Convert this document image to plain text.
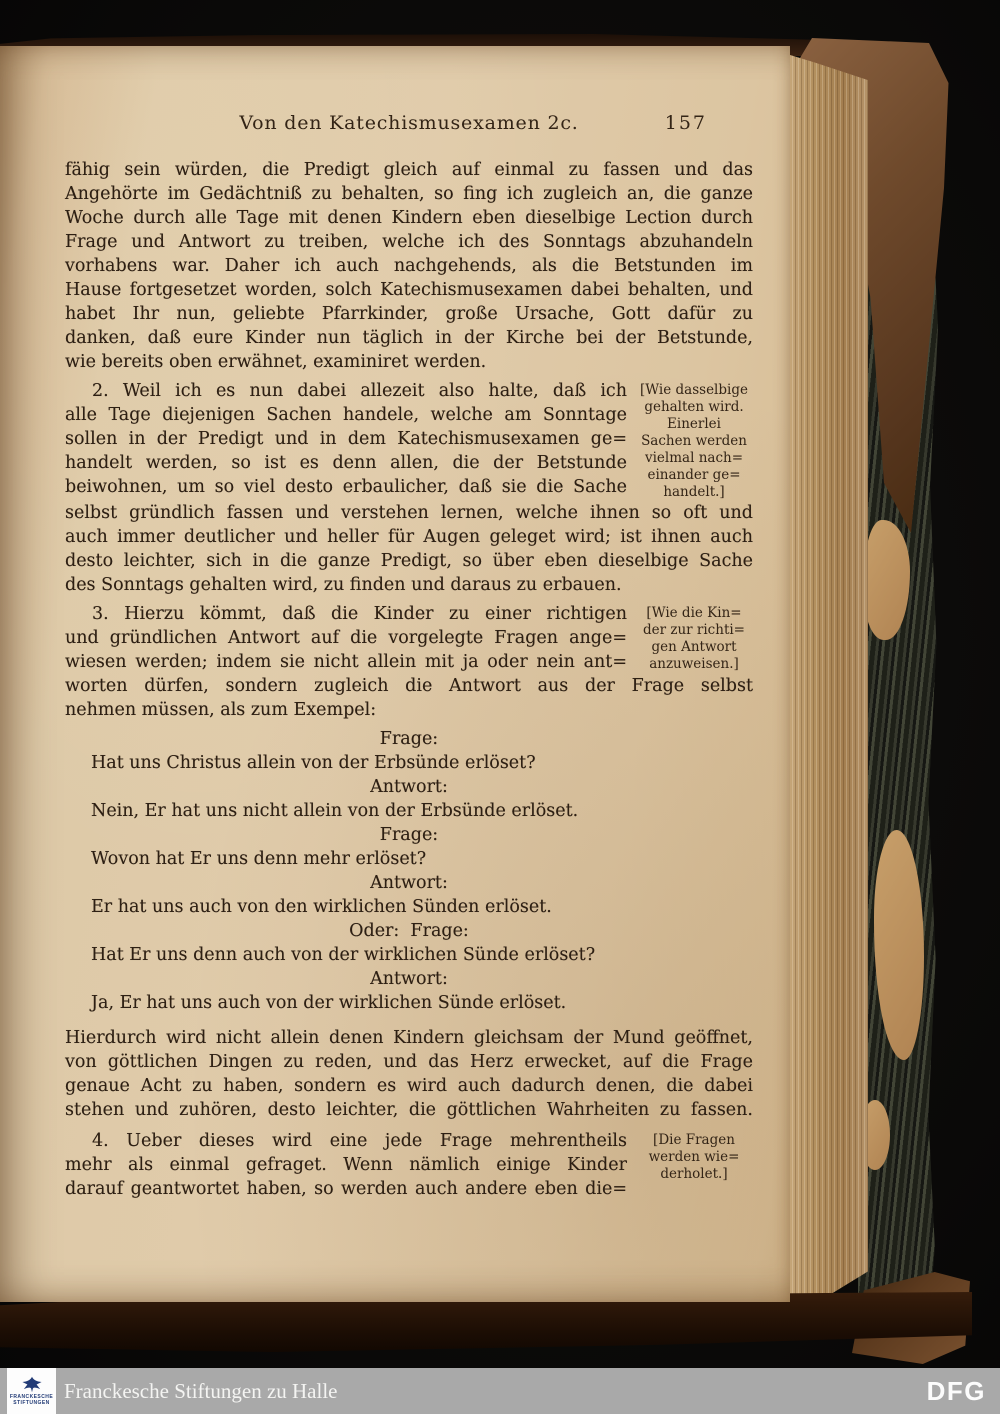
Von den Katechismusexamen 2c.	157
fähig sein würden, die Predigt gleich auf einmal zu fassen und das
Angehörte im Gedächtniß zu behalten, so fing ich zugleich an, die ganze
Woche durch alle Tage mit denen Kindern eben dieselbige Lection durch
Frage und Antwort zu treiben, welche ich des Sonntags abzuhandeln
vorhabens war. Daher ich auch nachgehends, als die Betstunden im
Hause fortgesetzet worden, solch Katechismusexamen dabei behalten, und
habet Ihr nun, geliebte Pfarrkinder, große Ursache, Gott dafür zu
danken, daß eure Kinder nun täglich in der Kirche bei der Betstunde,
wie bereits oben erwähnet, examiniret werden.
2. Weil ich es nun dabei allezeit also halte, daß ich
alle Tage diejenigen Sachen handele, welche am Sonntage
sollen in der Predigt und in dem Katechismusexamen ge=
handelt werden, so ist es denn allen, die der Betstunde
beiwohnen, um so viel desto erbaulicher, daß sie die Sache
[Wie dasselbige
gehalten wird.
Einerlei
Sachen werden
vielmal nach=
einander ge=
handelt.]
selbst gründlich fassen und verstehen lernen, welche ihnen so oft und
auch immer deutlicher und heller für Augen geleget wird; ist ihnen auch
desto leichter, sich in die ganze Predigt, so über eben dieselbige Sache
des Sonntags gehalten wird, zu finden und daraus zu erbauen.
3. Hierzu kömmt, daß die Kinder zu einer richtigen
und gründlichen Antwort auf die vorgelegte Fragen ange=
wiesen werden; indem sie nicht allein mit ja oder nein ant=
[Wie die Kin=
der zur richti=
gen Antwort
anzuweisen.]
worten dürfen, sondern zugleich die Antwort aus der Frage selbst
nehmen müssen, als zum Exempel:
Frage:
Hat uns Christus allein von der Erbsünde erlöset?
Antwort:
Nein, Er hat uns nicht allein von der Erbsünde erlöset.
Frage:
Wovon hat Er uns denn mehr erlöset?
Antwort:
Er hat uns auch von den wirklichen Sünden erlöset.
Oder:  Frage:
Hat Er uns denn auch von der wirklichen Sünde erlöset?
Antwort:
Ja, Er hat uns auch von der wirklichen Sünde erlöset.
Hierdurch wird nicht allein denen Kindern gleichsam der Mund geöffnet,
von göttlichen Dingen zu reden, und das Herz erwecket, auf die Frage
genaue Acht zu haben, sondern es wird auch dadurch denen, die dabei
stehen und zuhören, desto leichter, die göttlichen Wahrheiten zu fassen.
4. Ueber dieses wird eine jede Frage mehrentheils
mehr als einmal gefraget. Wenn nämlich einige Kinder
darauf geantwortet haben, so werden auch andere eben die=
[Die Fragen
werden wie=
derholet.]
FRANCKESCHE
STIFTUNGEN Franckesche Stiftungen zu Halle	DFG
